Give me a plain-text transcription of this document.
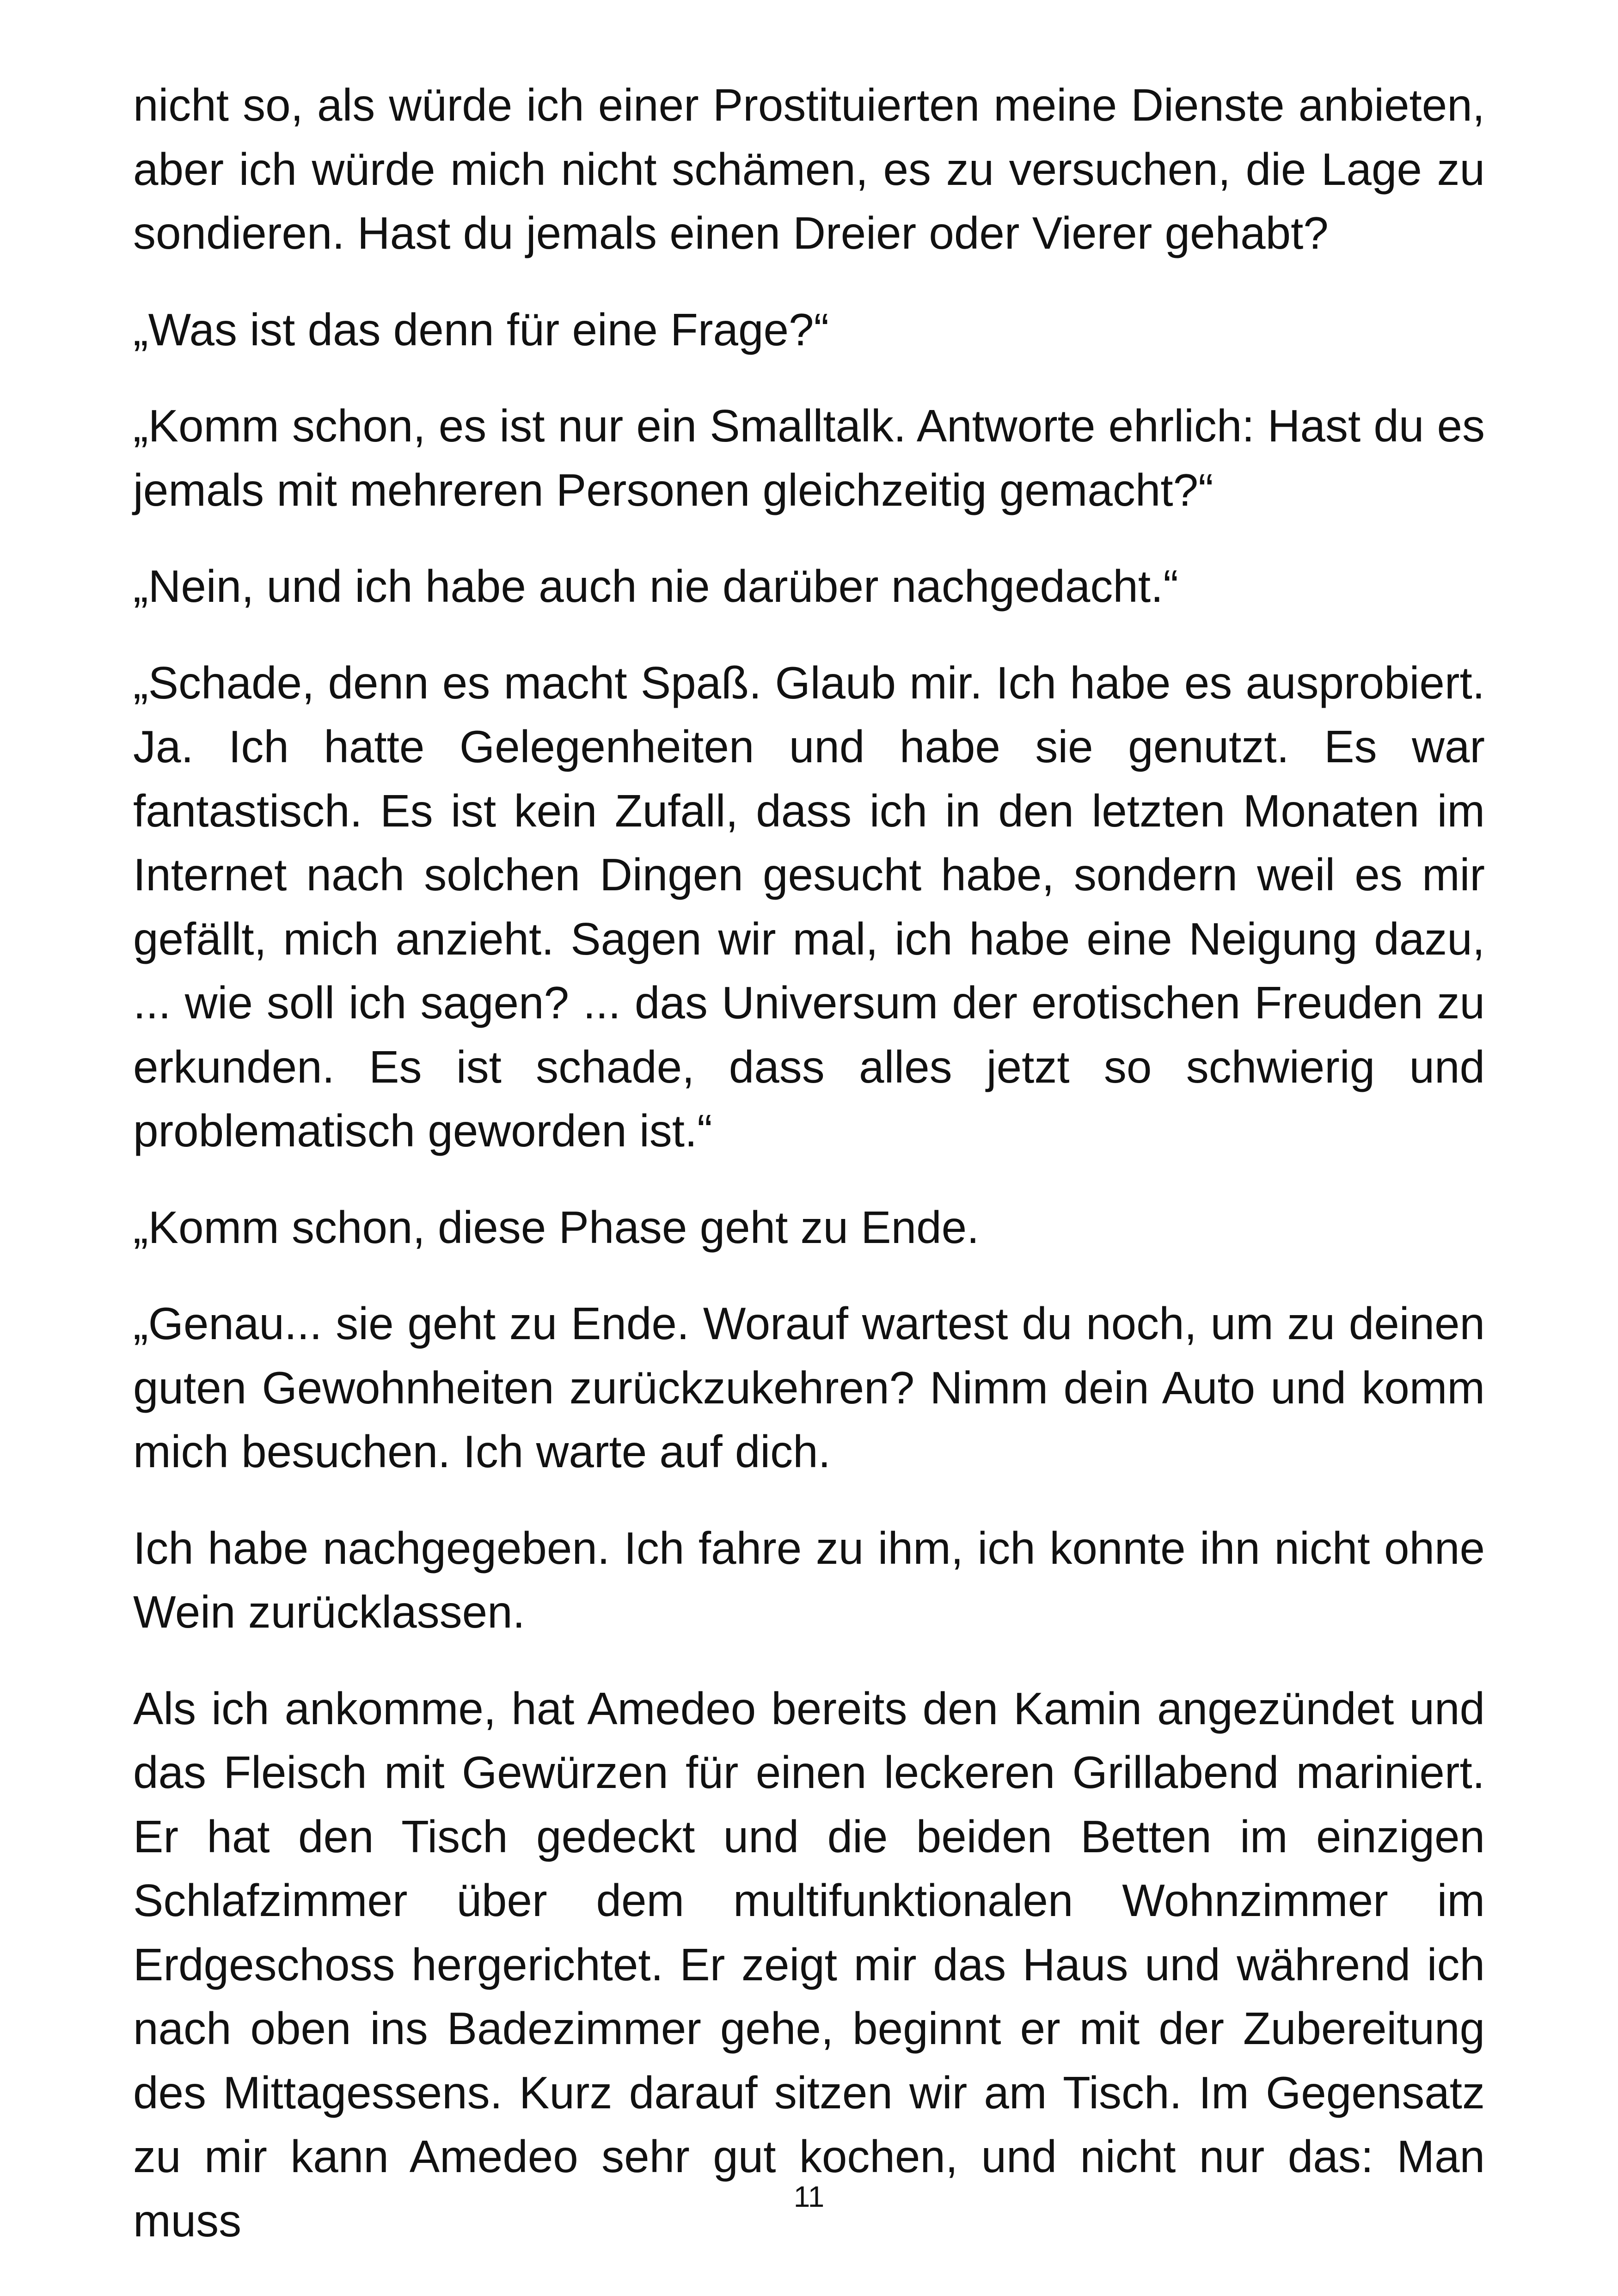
nicht so, als würde ich einer Prostituierten meine Dienste anbieten, aber ich würde mich nicht schämen, es zu versuchen, die Lage zu sondieren. Hast du jemals einen Dreier oder Vierer gehabt?

„Was ist das denn für eine Frage?“

„Komm schon, es ist nur ein Smalltalk. Antworte ehrlich: Hast du es jemals mit mehreren Personen gleichzeitig gemacht?“

„Nein, und ich habe auch nie darüber nachgedacht.“

„Schade, denn es macht Spaß. Glaub mir. Ich habe es ausprobiert. Ja. Ich hatte Gelegenheiten und habe sie genutzt. Es war fantastisch. Es ist kein Zufall, dass ich in den letzten Monaten im Internet nach solchen Dingen gesucht habe, sondern weil es mir gefällt, mich anzieht. Sagen wir mal, ich habe eine Neigung dazu, ... wie soll ich sagen? ... das Universum der erotischen Freuden zu erkunden. Es ist schade, dass alles jetzt so schwierig und problematisch geworden ist.“

„Komm schon, diese Phase geht zu Ende.

„Genau... sie geht zu Ende. Worauf wartest du noch, um zu deinen guten Gewohnheiten zurückzukehren? Nimm dein Auto und komm mich besuchen. Ich warte auf dich.

Ich habe nachgegeben. Ich fahre zu ihm, ich konnte ihn nicht ohne Wein zurücklassen.

Als ich ankomme, hat Amedeo bereits den Kamin angezündet und das Fleisch mit Gewürzen für einen leckeren Grillabend mariniert. Er hat den Tisch gedeckt und die beiden Betten im einzigen Schlafzimmer über dem multifunktionalen Wohnzimmer im Erdgeschoss hergerichtet. Er zeigt mir das Haus und während ich nach oben ins Badezimmer gehe, beginnt er mit der Zubereitung des Mittagessens. Kurz darauf sitzen wir am Tisch. Im Gegensatz zu mir kann Amedeo sehr gut kochen, und nicht nur das: Man muss	11
